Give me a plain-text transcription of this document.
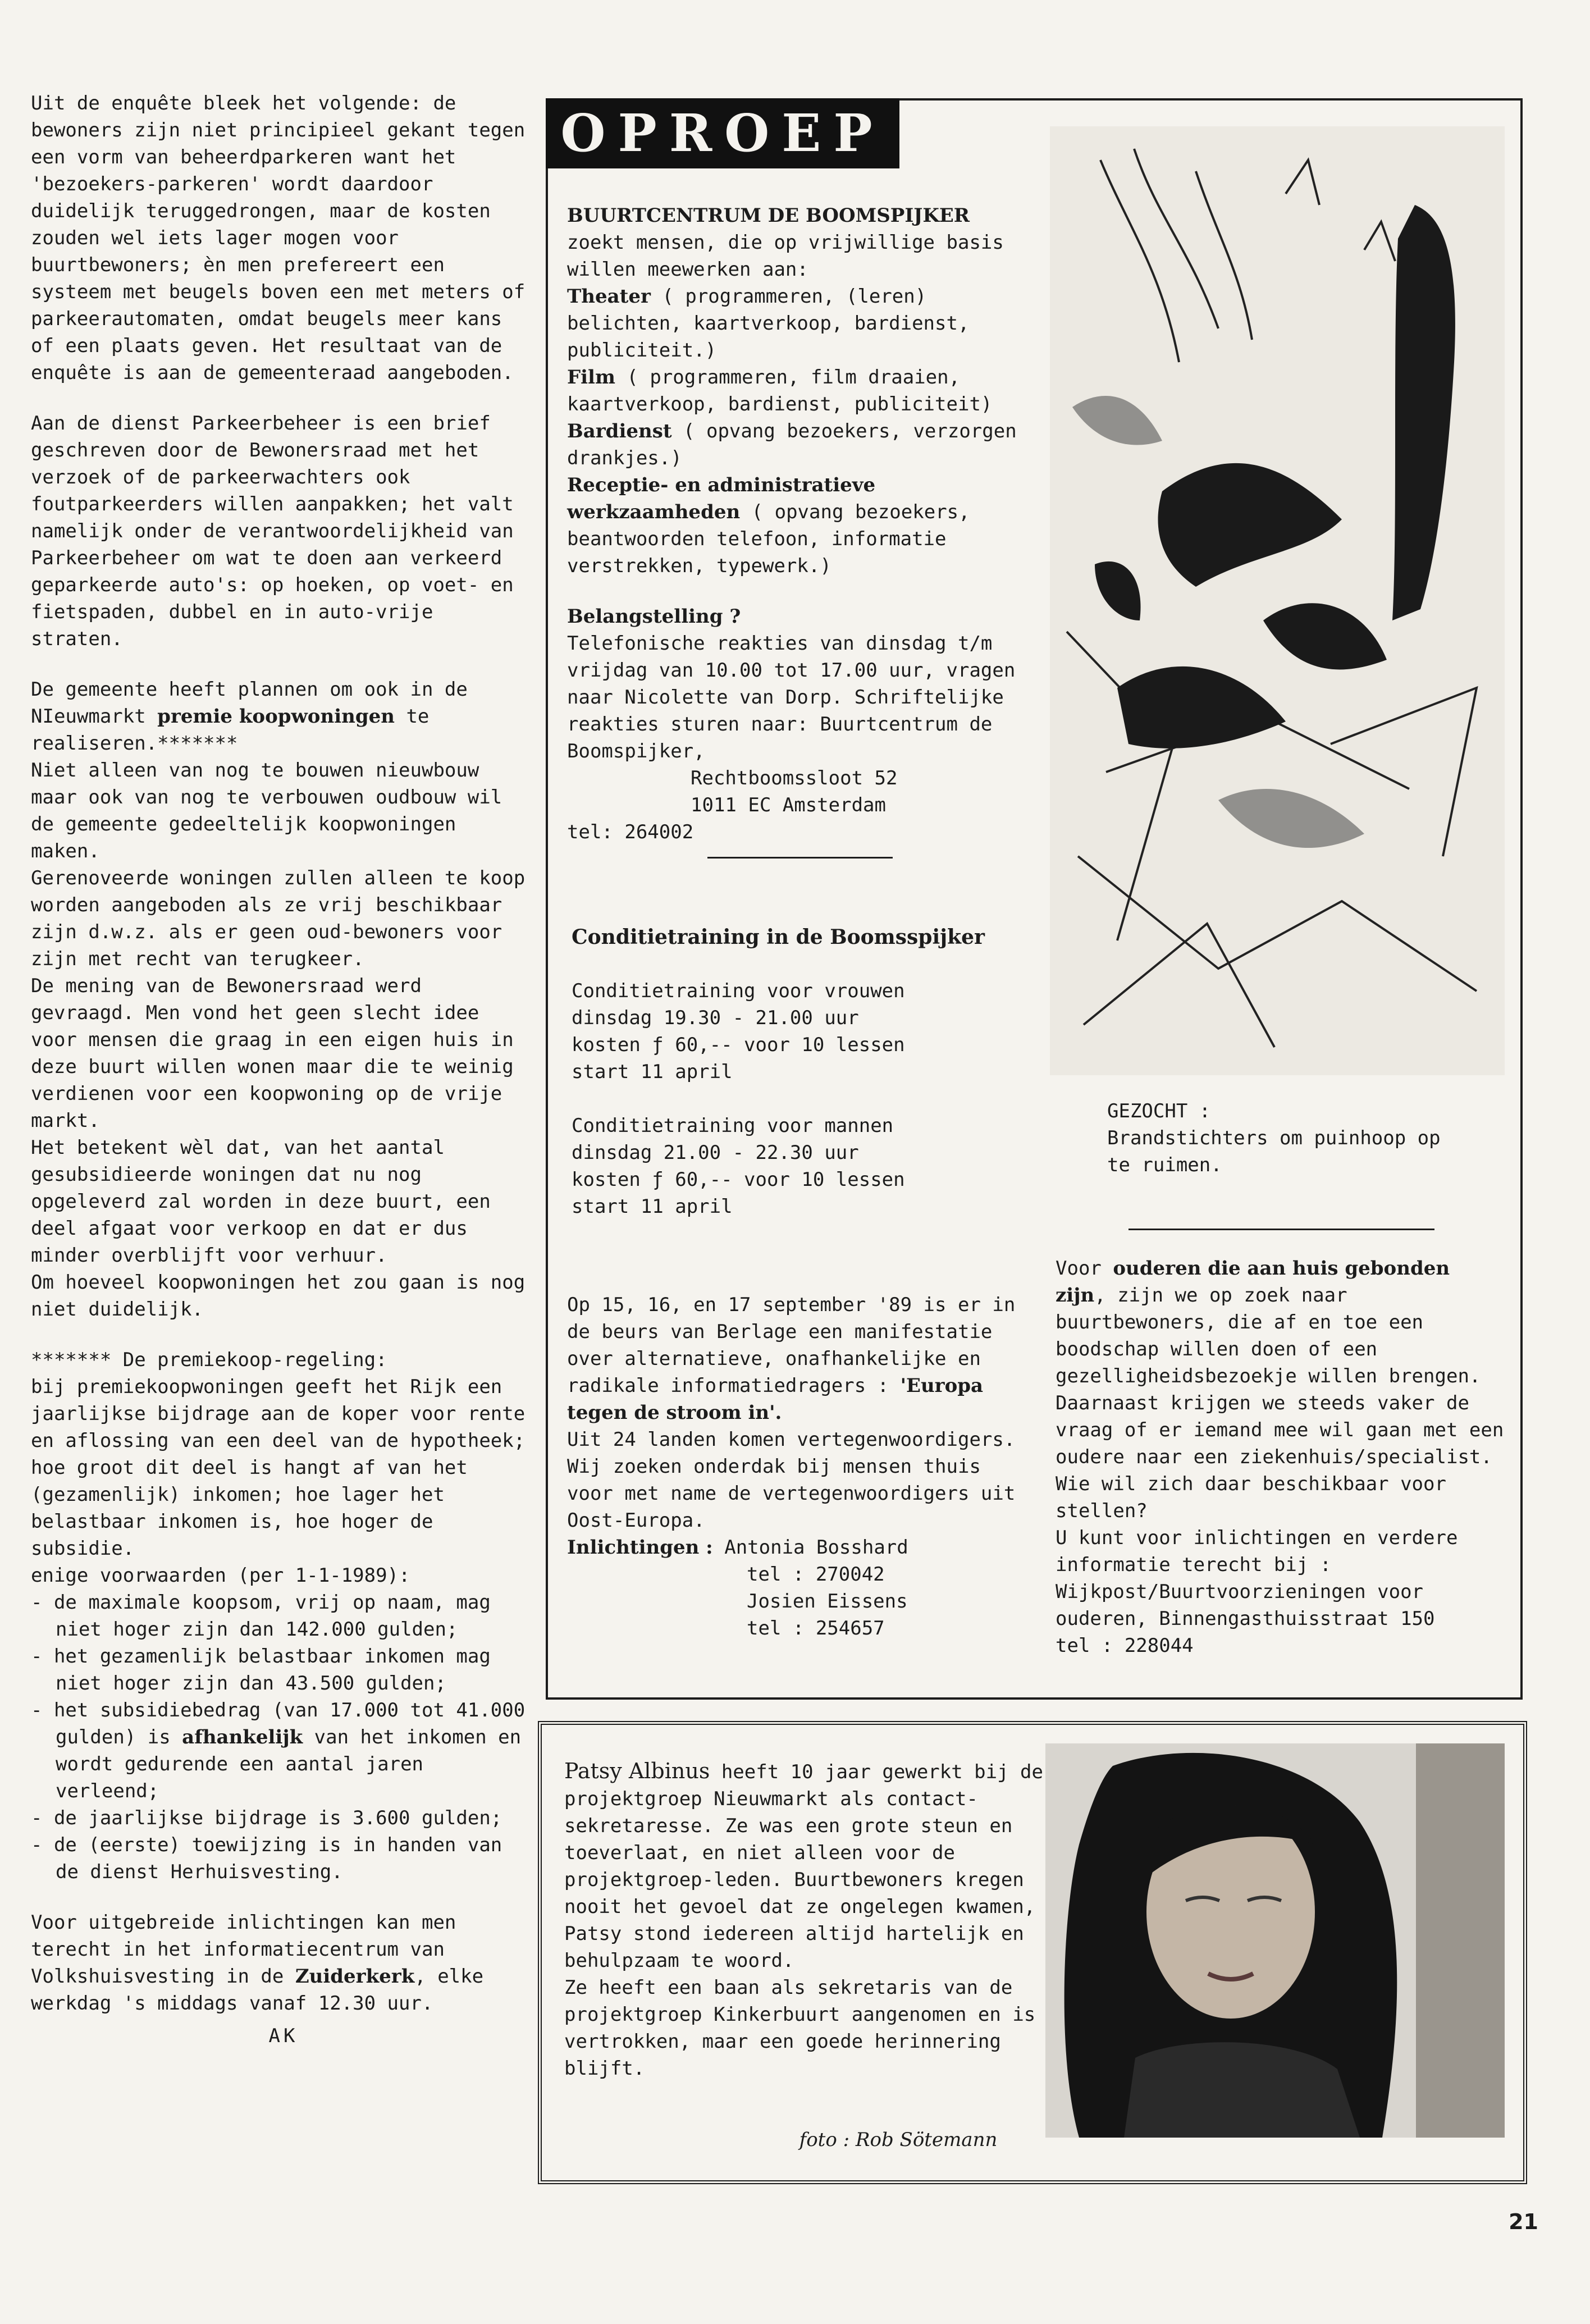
Uit de enquête bleek het volgende: de bewoners zijn niet principieel gekant tegen een vorm van beheerdparkeren want het 'bezoekers-parkeren' wordt daardoor duidelijk teruggedrongen, maar de kosten zouden wel iets lager mogen voor buurtbewoners; èn men prefereert een systeem met beugels boven een met meters of parkeerautomaten, omdat beugels meer kans of een plaats geven. Het resultaat van de enquête is aan de gemeenteraad aangeboden.

Aan de dienst Parkeerbeheer is een brief geschreven door de Bewonersraad met het verzoek of de parkeerwachters ook foutparkeerders willen aanpakken; het valt namelijk onder de verantwoordelijkheid van Parkeerbeheer om wat te doen aan verkeerd geparkeerde auto's: op hoeken, op voet- en fietspaden, dubbel en in auto-vrije straten.

De gemeente heeft plannen om ook in de NIeuwmarkt premie koopwoningen te realiseren.*******
Niet alleen van nog te bouwen nieuwbouw maar ook van nog te verbouwen oudbouw wil de gemeente gedeeltelijk koopwoningen maken.
Gerenoveerde woningen zullen alleen te koop worden aangeboden als ze vrij beschikbaar zijn d.w.z. als er geen oud-bewoners voor zijn met recht van terugkeer.
De mening van de Bewonersraad werd gevraagd. Men vond het geen slecht idee voor mensen die graag in een eigen huis in deze buurt willen wonen maar die te weinig verdienen voor een koopwoning op de vrije markt.
Het betekent wèl dat, van het aantal gesubsidieerde woningen dat nu nog opgeleverd zal worden in deze buurt, een deel afgaat voor verkoop en dat er dus minder overblijft voor verhuur.
Om hoeveel koopwoningen het zou gaan is nog niet duidelijk.

******* De premiekoop-regeling:
bij premiekoopwoningen geeft het Rijk een jaarlijkse bijdrage aan de koper voor rente en aflossing van een deel van de hypotheek; hoe groot dit deel is hangt af van het (gezamenlijk) inkomen; hoe lager het belastbaar inkomen is, hoe hoger de subsidie.
enige voorwaarden (per 1-1-1989):

- de maximale koopsom, vrij op naam, mag niet hoger zijn dan 142.000 gulden;
- het gezamenlijk belastbaar inkomen mag niet hoger zijn dan 43.500 gulden;
- het subsidiebedrag (van 17.000 tot 41.000 gulden) is afhankelijk van het inkomen en wordt gedurende een aantal jaren verleend;
- de jaarlijkse bijdrage is 3.600 gulden;
- de (eerste) toewijzing is in handen van de dienst Herhuisvesting.

Voor uitgebreide inlichtingen kan men terecht in het informatiecentrum van Volkshuisvesting in de Zuiderkerk, elke werkdag 's middags vanaf 12.30 uur.

AK

OPROEP

BUURTCENTRUM DE BOOMSPIJKER zoekt mensen, die op vrijwillige basis willen meewerken aan:
Theater ( programmeren, (leren) belichten, kaartverkoop, bardienst, publiciteit.)
Film ( programmeren, film draaien, kaartverkoop, bardienst, publiciteit)
Bardienst ( opvang bezoekers, verzorgen drankjes.)
Receptie- en administratieve werkzaamheden ( opvang bezoekers, beantwoorden telefoon, informatie verstrekken, typewerk.)

Belangstelling ?
Telefonische reakties van dinsdag t/m vrijdag van 10.00 tot 17.00 uur, vragen naar Nicolette van Dorp. Schriftelijke reakties sturen naar: Buurtcentrum de Boomspijker,
Rechtboomssloot 52
1011 EC Amsterdam
tel: 264002

Conditietraining in de Boomsspijker

Conditietraining voor vrouwen
dinsdag 19.30 - 21.00 uur
kosten ƒ 60,-- voor 10 lessen
start 11 april

Conditietraining voor mannen
dinsdag 21.00 - 22.30 uur
kosten ƒ 60,-- voor 10 lessen
start 11 april

Op 15, 16, en 17 september '89 is er in de beurs van Berlage een manifestatie over alternatieve, onafhankelijke en radikale informatiedragers : 'Europa tegen de stroom in'.
Uit 24 landen komen vertegenwoordigers. Wij zoeken onderdak bij mensen thuis voor met name de vertegenwoordigers uit Oost-Europa.
Inlichtingen : Antonia Bosshard
tel : 270042
Josien Eissens
tel : 254657

GEZOCHT :

Brandstichters om puinhoop op te ruimen.

Voor ouderen die aan huis gebonden zijn, zijn we op zoek naar buurtbewoners, die af en toe een boodschap willen doen of een gezelligheidsbezoekje willen brengen.

Daarnaast krijgen we steeds vaker de vraag of er iemand mee wil gaan met een oudere naar een ziekenhuis/specialist. Wie wil zich daar beschikbaar voor stellen?

U kunt voor inlichtingen en verdere informatie terecht bij : Wijkpost/Buurtvoorzieningen voor ouderen, Binnengasthuisstraat 150

tel : 228044

Patsy Albinus heeft 10 jaar gewerkt bij de projektgroep Nieuwmarkt als contact-sekretaresse. Ze was een grote steun en toeverlaat, en niet alleen voor de projektgroep-leden. Buurtbewoners kregen nooit het gevoel dat ze ongelegen kwamen, Patsy stond iedereen altijd hartelijk en behulpzaam te woord.

Ze heeft een baan als sekretaris van de projektgroep Kinkerbuurt aangenomen en is vertrokken, maar een goede herinnering blijft.

foto : Rob Sötemann
21
